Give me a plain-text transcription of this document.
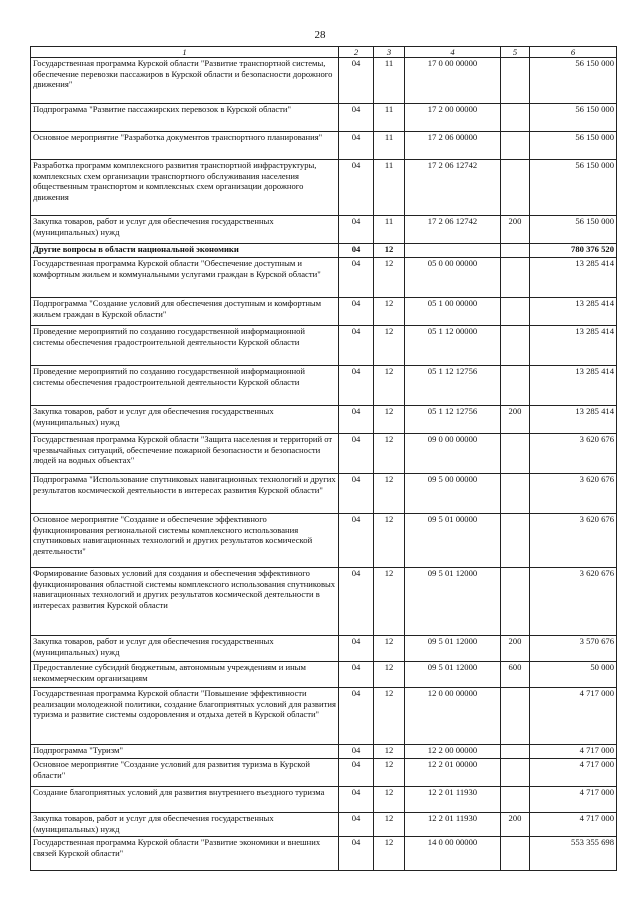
28
1	2	3	4	5	6
Государственная программа Курской области "Развитие транспортной системы, обеспечение перевозки пассажиров в Курской области и безопасности дорожного движения"	04	11	17 0 00 00000		56 150 000
Подпрограмма "Развитие пассажирских перевозок в Курской области"	04	11	17 2 00 00000		56 150 000
Основное мероприятие "Разработка документов транспортного планирования"	04	11	17 2 06 00000		56 150 000
Разработка программ комплексного развития транспортной инфраструктуры, комплексных схем организации транспортного обслуживания населения общественным транспортом и комплексных схем организации дорожного движения	04	11	17 2 06 12742		56 150 000
Закупка товаров, работ и услуг для обеспечения государственных (муниципальных) нужд	04	11	17 2 06 12742	200	56 150 000
Другие вопросы в области национальной экономики	04	12			780 376 520
Государственная программа Курской области "Обеспечение доступным и комфортным жильем и коммунальными услугами граждан в Курской области"	04	12	05 0 00 00000		13 285 414
Подпрограмма "Создание условий для обеспечения доступным и комфортным жильем граждан в Курской области"	04	12	05 1 00 00000		13 285 414
Проведение мероприятий по созданию государственной информационной системы обеспечения градостроительной деятельности Курской области	04	12	05 1 12 00000		13 285 414
Проведение мероприятий по созданию государственной информационной системы обеспечения градостроительной деятельности Курской области	04	12	05 1 12 12756		13 285 414
Закупка товаров, работ и услуг для обеспечения государственных (муниципальных) нужд	04	12	05 1 12 12756	200	13 285 414
Государственная программа Курской области "Защита населения и территорий от чрезвычайных ситуаций, обеспечение пожарной безопасности и безопасности людей на водных объектах"	04	12	09 0 00 00000		3 620 676
Подпрограмма "Использование спутниковых навигационных технологий и других результатов космической деятельности в интересах развития Курской области"	04	12	09 5 00 00000		3 620 676
Основное мероприятие "Создание и обеспечение эффективного функционирования региональной системы комплексного использования спутниковых навигационных технологий и других результатов космической деятельности"	04	12	09 5 01 00000		3 620 676
Формирование базовых условий для создания и обеспечения эффективного функционирования областной системы комплексного использования спутниковых навигационных технологий и других результатов космической деятельности в интересах развития Курской области	04	12	09 5 01 12000		3 620 676
Закупка товаров, работ и услуг для обеспечения государственных (муниципальных) нужд	04	12	09 5 01 12000	200	3 570 676
Предоставление субсидий бюджетным, автономным учреждениям и иным некоммерческим организациям	04	12	09 5 01 12000	600	50 000
Государственная программа Курской области "Повышение эффективности реализации молодежной политики, создание благоприятных условий для развития туризма и развитие системы оздоровления и отдыха детей в Курской области"	04	12	12 0 00 00000		4 717 000
Подпрограмма "Туризм"	04	12	12 2 00 00000		4 717 000
Основное мероприятие "Создание условий для развития туризма в Курской области"	04	12	12 2 01 00000		4 717 000
Создание благоприятных условий для развития внутреннего въездного туризма	04	12	12 2 01 11930		4 717 000
Закупка товаров, работ и услуг для обеспечения государственных (муниципальных) нужд	04	12	12 2 01 11930	200	4 717 000
Государственная программа Курской области "Развитие экономики и внешних связей Курской области"	04	12	14 0 00 00000		553 355 698
